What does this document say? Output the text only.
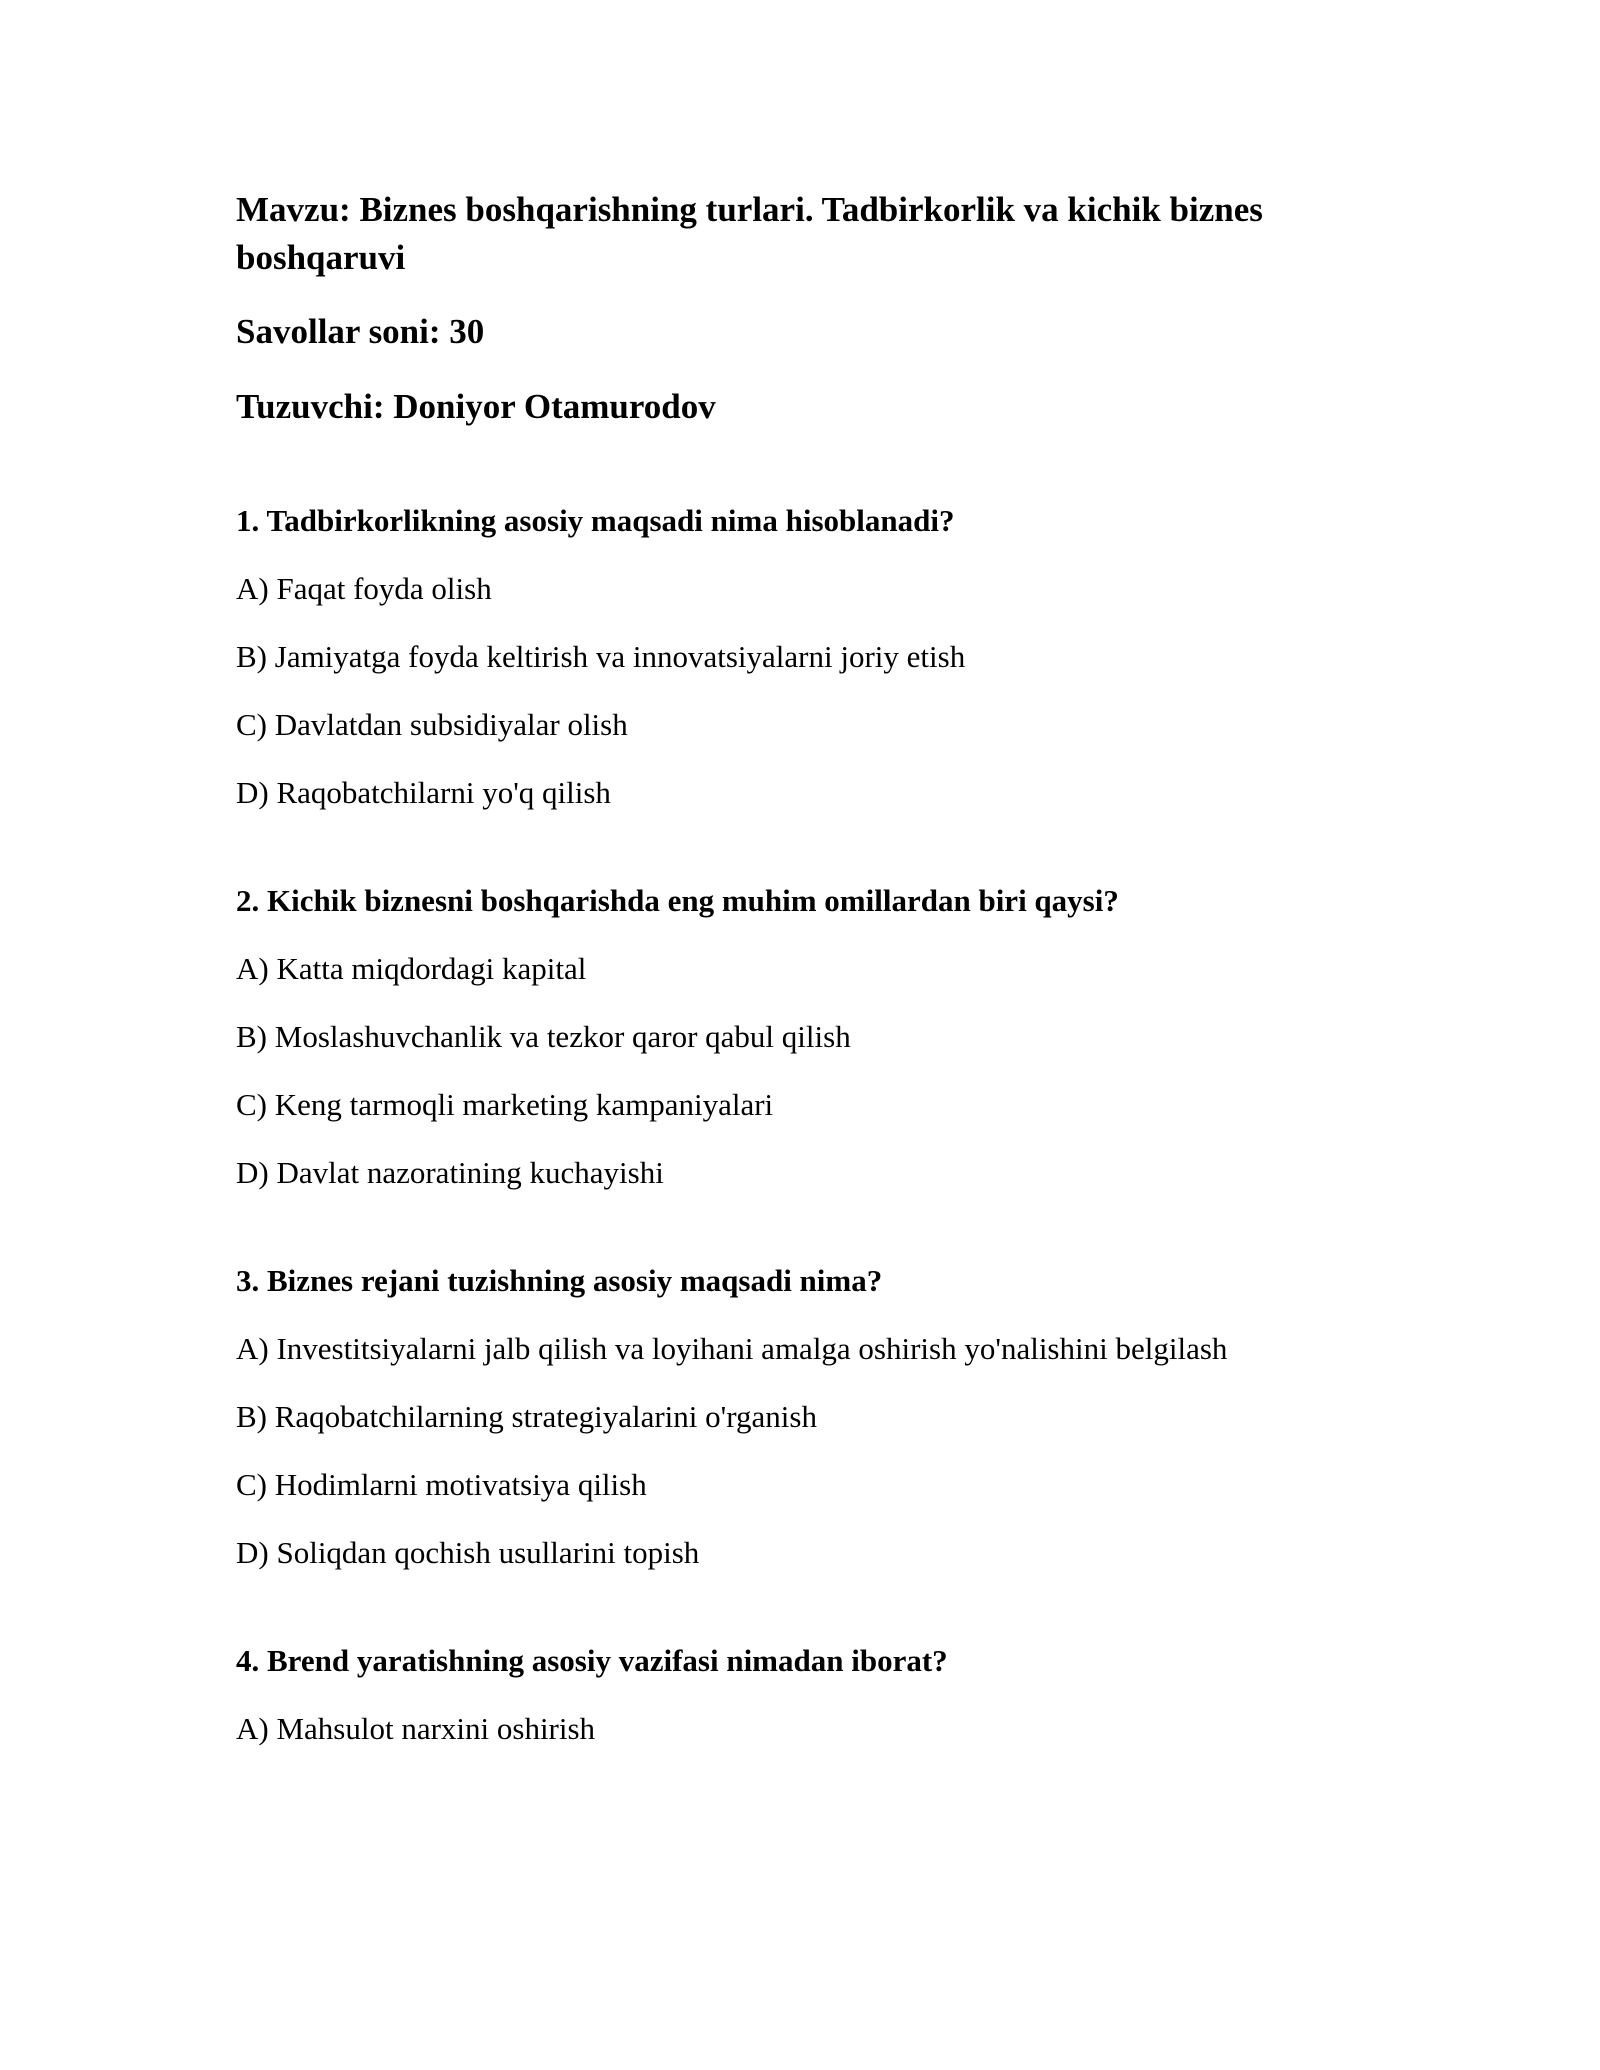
Mavzu: Biznes boshqarishning turlari. Tadbirkorlik va kichik biznes boshqaruvi

Savollar soni: 30

Tuzuvchi: Doniyor Otamurodov

1. Tadbirkorlikning asosiy maqsadi nima hisoblanadi?

A) Faqat foyda olish
B) Jamiyatga foyda keltirish va innovatsiyalarni joriy etish
C) Davlatdan subsidiyalar olish
D) Raqobatchilarni yo'q qilish

2. Kichik biznesni boshqarishda eng muhim omillardan biri qaysi?

A) Katta miqdordagi kapital
B) Moslashuvchanlik va tezkor qaror qabul qilish
C) Keng tarmoqli marketing kampaniyalari
D) Davlat nazoratining kuchayishi

3. Biznes rejani tuzishning asosiy maqsadi nima?

A) Investitsiyalarni jalb qilish va loyihani amalga oshirish yo'nalishini belgilash
B) Raqobatchilarning strategiyalarini o'rganish
C) Hodimlarni motivatsiya qilish
D) Soliqdan qochish usullarini topish

4. Brend yaratishning asosiy vazifasi nimadan iborat?

A) Mahsulot narxini oshirish
